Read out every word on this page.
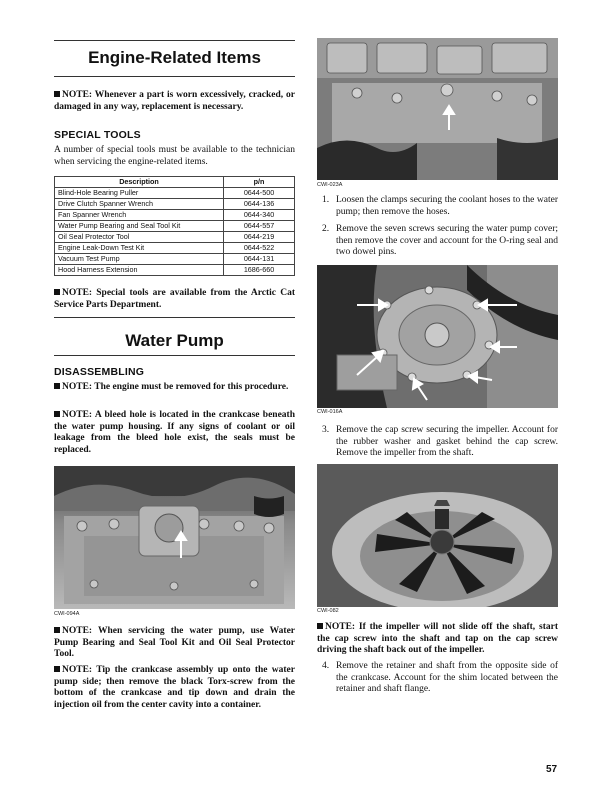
Engine-Related Items
NOTE: Whenever a part is worn excessively, cracked, or damaged in any way, replacement is necessary.
SPECIAL TOOLS
A number of special tools must be available to the technician when servicing the engine-related items.
Description	p/n
Blind-Hole Bearing Puller	0644-500
Drive Clutch Spanner Wrench	0644-136
Fan Spanner Wrench	0644-340
Water Pump Bearing and Seal Tool Kit	0644-557
Oil Seal Protector Tool	0644-219
Engine Leak-Down Test Kit	0644-522
Vacuum Test Pump	0644-131
Hood Harness Extension	1686-660
NOTE: Special tools are available from the Arctic Cat Service Parts Department.
Water Pump
DISASSEMBLING
NOTE: The engine must be removed for this procedure.
NOTE: A bleed hole is located in the crankcase beneath the water pump housing. If any signs of coolant or oil leakage from the bleed hole exist, the seals must be replaced.
CWI-094A
NOTE: When servicing the water pump, use Water Pump Bearing and Seal Tool Kit and Oil Seal Protector Tool.
NOTE: Tip the crankcase assembly up onto the water pump side; then remove the black Torx-screw from the bottom of the crankcase and tip down and drain the injection oil from the center cavity into a container.
CWI-023A
1. Loosen the clamps securing the coolant hoses to the water pump; then remove the hoses.
2. Remove the seven screws securing the water pump cover; then remove the cover and account for the O-ring seal and two dowel pins.
CWI-016A
3. Remove the cap screw securing the impeller. Account for the rubber washer and gasket behind the cap screw. Remove the impeller from the shaft.
CWI-082
NOTE: If the impeller will not slide off the shaft, start the cap screw into the shaft and tap on the cap screw driving the shaft back out of the impeller.
4. Remove the retainer and shaft from the opposite side of the crankcase. Account for the shim located between the retainer and shaft flange.
57
